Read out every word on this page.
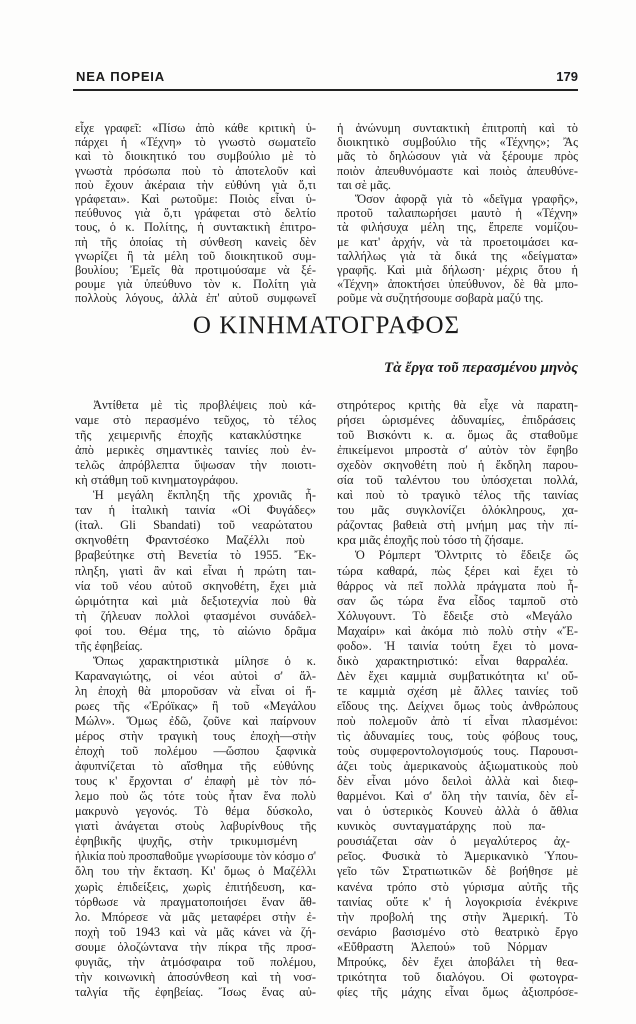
ΝΕΑ ΠΟΡΕΙΑ	179
εἶχε γραφεῖ: «Πίσω ἀπὸ κάθε κριτικὴ ὑ-
πάρχει ἡ «Τέχνη» τὸ γνωστὸ σωματεῖο
καὶ τὸ διοικητικό του συμβούλιο μὲ τὸ
γνωστὰ πρόσωπα ποὺ τὸ ἀποτελοῦν καὶ
ποὺ ἔχουν ἀκέραια τὴν εὐθύνη γιὰ ὅ,τι
γράφεται». Καὶ ρωτοῦμε: Ποιὸς εἶναι ὑ-
πεύθυνος γιὰ ὅ,τι γράφεται στὸ δελτίο
τους, ὁ κ. Πολίτης, ἡ συντακτικὴ ἐπιτρο-
πὴ τῆς ὁποίας τὴ σύνθεση κανεὶς δὲν
γνωρίζει ἢ τὰ μέλη τοῦ διοικητικοῦ συμ-
βουλίου; Ἐμεῖς θὰ προτιμούσαμε νὰ ξέ-
ρουμε γιὰ ὑπεύθυνο τὸν κ. Πολίτη γιὰ
πολλοὺς λόγους, ἀλλὰ ἐπ' αὐτοῦ συμφωνεῖ
ἡ ἀνώνυμη συντακτικὴ ἐπιτροπὴ καὶ τὸ
διοικητικὸ συμβούλιο τῆς «Τέχνης»; Ἂς
μᾶς τὸ δηλώσουν γιὰ νὰ ξέρουμε πρὸς
ποιὸν ἀπευθυνόμαστε καὶ ποιὸς ἀπευθύνε-
ται σὲ μᾶς.
Ὅσον ἀφορᾷ γιὰ τὸ «δεῖγμα γραφῆς»,
προτοῦ ταλαιπωρήσει μαυτὸ ἡ «Τέχνη»
τὰ φιλήσυχα μέλη της, ἔπρεπε νομίζου-
με κατ' ἀρχήν, νὰ τὰ προετοιμάσει κα-
ταλλήλως γιὰ τὰ δικά της «δείγματα»
γραφῆς. Καὶ μιὰ δήλωση· μέχρις ὅτου ἡ
«Τέχνη» ἀποκτήσει ὑπεύθυνον, δὲ θὰ μπο-
ροῦμε νὰ συζητήσουμε σοβαρὰ μαζύ της.
Ο ΚΙΝΗΜΑΤΟΓΡΑΦΟΣ
Τὰ ἔργα τοῦ περασμένου μηνὸς
Ἀντίθετα μὲ τὶς προβλέψεις ποὺ κά-
ναμε στὸ περασμένο τεῦχος, τὸ τέλος
τῆς χειμερινῆς ἐποχῆς κατακλύστηκε
ἀπὸ μερικὲς σημαντικὲς ταινίες ποὺ ἐν-
τελῶς ἀπρόβλεπτα ὕψωσαν τὴν ποιοτι-
κὴ στάθμη τοῦ κινηματογράφου.
Ἡ μεγάλη ἔκπληξη τῆς χρονιᾶς ἦ-
ταν ἡ ἰταλικὴ ταινία «Οἱ Φυγάδες»
(ἰταλ. Gli Sbandati) τοῦ νεαρώτατου
σκηνοθέτη Φραντσέσκο Μαζέλλι ποὺ
βραβεύτηκε στὴ Βενετία τὸ 1955. Ἔκ-
πληξη, γιατὶ ἂν καὶ εἶναι ἡ πρώτη ται-
νία τοῦ νέου αὐτοῦ σκηνοθέτη, ἔχει μιὰ
ὡριμότητα καὶ μιὰ δεξιοτεχνία ποὺ θὰ
τὴ ζήλευαν πολλοὶ φτασμένοι συνάδελ-
φοί του. Θέμα της, τὸ αἰώνιο δρᾶμα
τῆς ἐφηβείας.
Ὅπως χαρακτηριστικὰ μίλησε ὁ κ.
Καραναγιώτης, οἱ νέοι αὐτοὶ σ' ἄλ-
λη ἐποχὴ θὰ μποροῦσαν νὰ εἶναι οἱ ἥ-
ρωες τῆς «Ἐρόϊκας» ἢ τοῦ «Μεγάλου
Μώλν». Ὅμως ἐδῶ, ζοῦνε καὶ παίρνουν
μέρος στὴν τραγικὴ τους ἐποχὴ—στὴν
ἐποχὴ τοῦ πολέμου —ὥσπου ξαφνικὰ
ἀφυπνίζεται τὸ αἴσθημα τῆς εὐθύνης
τους κ' ἔρχονται σ' ἐπαφὴ μὲ τὸν πό-
λεμο ποὺ ὥς τότε τοὺς ἦταν ἕνα πολὺ
μακρυνὸ γεγονός. Τὸ θέμα δύσκολο,
γιατὶ ἀνάγεται στοὺς λαβυρίνθους τῆς
ἐφηβικῆς ψυχῆς, στὴν τρικυμισμένη
ἡλικία ποὺ προσπαθοῦμε γνωρίσουμε τὸν κόσμο σ'
ὅλη του τὴν ἔκταση. Κι' ὅμως ὁ Μαζέλλι
χωρὶς ἐπιδείξεις, χωρὶς ἐπιτήδευση, κα-
τόρθωσε νὰ πραγματοποιήσει ἕναν ἄθ-
λο. Μπόρεσε νὰ μᾶς μεταφέρει στὴν ἐ-
ποχὴ τοῦ 1943 καὶ νὰ μᾶς κάνει νὰ ζή-
σουμε ὁλοζώντανα τὴν πίκρα τῆς προσ-
φυγιᾶς, τὴν ἀτμόσφαιρα τοῦ πολέμου,
τὴν κοινωνικὴ ἀποσύνθεση καὶ τὴ νοσ-
ταλγία τῆς ἐφηβείας. Ἴσως ἕνας αὐ-
στηρότερος κριτὴς θὰ εἶχε νὰ παρατη-
ρήσει ὡρισμένες ἀδυναμίες, ἐπιδράσεις
τοῦ Βισκόντι κ. α. ὅμως ἂς σταθοῦμε
ἐπικείμενοι μπροστὰ σ' αὐτὸν τὸν ἔφηβο
σχεδὸν σκηνοθέτη ποὺ ἡ ἔκδηλη παρου-
σία τοῦ ταλέντου του ὑπόσχεται πολλά,
καὶ ποὺ τὸ τραγικὸ τέλος τῆς ταινίας
του μᾶς συγκλονίζει ὁλόκληρους, χα-
ράζοντας βαθειὰ στὴ μνήμη μας τὴν πί-
κρα μιᾶς ἐποχῆς ποὺ τόσο τὴ ζήσαμε.
Ὁ Ρόμπερτ Ὄλντριτς τὸ ἔδειξε ὥς
τώρα καθαρά, πὼς ξέρει καὶ ἔχει τὸ
θάρρος νὰ πεῖ πολλὰ πράγματα ποὺ ἦ-
σαν ὥς τώρα ἕνα εἶδος ταμποῦ στὸ
Χόλυγουντ. Τὸ ἔδειξε στὸ «Μεγάλο
Μαχαίρι» καὶ ἀκόμα πιὸ πολὺ στὴν «Ἔ-
φοδο». Ἡ ταινία τούτη ἔχει τὸ μονα-
δικὸ χαρακτηριστικό: εἶναι θαρραλέα.
Δὲν ἔχει καμμιὰ συμβατικότητα κι' οὔ-
τε καμμιὰ σχέση μὲ ἄλλες ταινίες τοῦ
εἴδους της. Δείχνει ὅμως τοὺς ἀνθρώπους
ποὺ πολεμοῦν ἀπὸ τί εἶναι πλασμένοι:
τὶς ἀδυναμίες τους, τοὺς φόβους τους,
τοὺς συμφεροντολογισμούς τους. Παρουσι-
άζει τοὺς ἀμερικανοὺς ἀξιωματικοὺς ποὺ
δὲν εἶναι μόνο δειλοὶ ἀλλὰ καὶ διεφ-
θαρμένοι. Καὶ σ' ὅλη τὴν ταινία, δὲν εἶ-
ναι ὁ ὑστερικὸς Κουνεὺ ἀλλὰ ὁ ἄθλια
κυνικὸς συνταγματάρχης ποὺ πα-
ρουσιάζεται σὰν ὁ μεγαλύτερος ἀχ-
ρεῖος. Φυσικὰ τὸ Ἀμερικανικὸ Ὑπου-
γεῖο τῶν Στρατιωτικῶν δὲ βοήθησε μὲ
κανένα τρόπο στὸ γύρισμα αὐτῆς τῆς
ταινίας οὔτε κ' ἡ λογοκρισία ἐνέκρινε
τὴν προβολή της στὴν Ἀμερική. Τὸ
σενάριο βασισμένο στὸ θεατρικὸ ἔργο
«Εὔθραστη Ἀλεπού» τοῦ Νόρμαν
Μπρούκς, δὲν ἔχει ἀποβάλει τὴ θεα-
τρικότητα τοῦ διαλόγου. Οἱ φωτογρα-
φίες τῆς μάχης εἶναι ὅμως ἀξιοπρόσε-
